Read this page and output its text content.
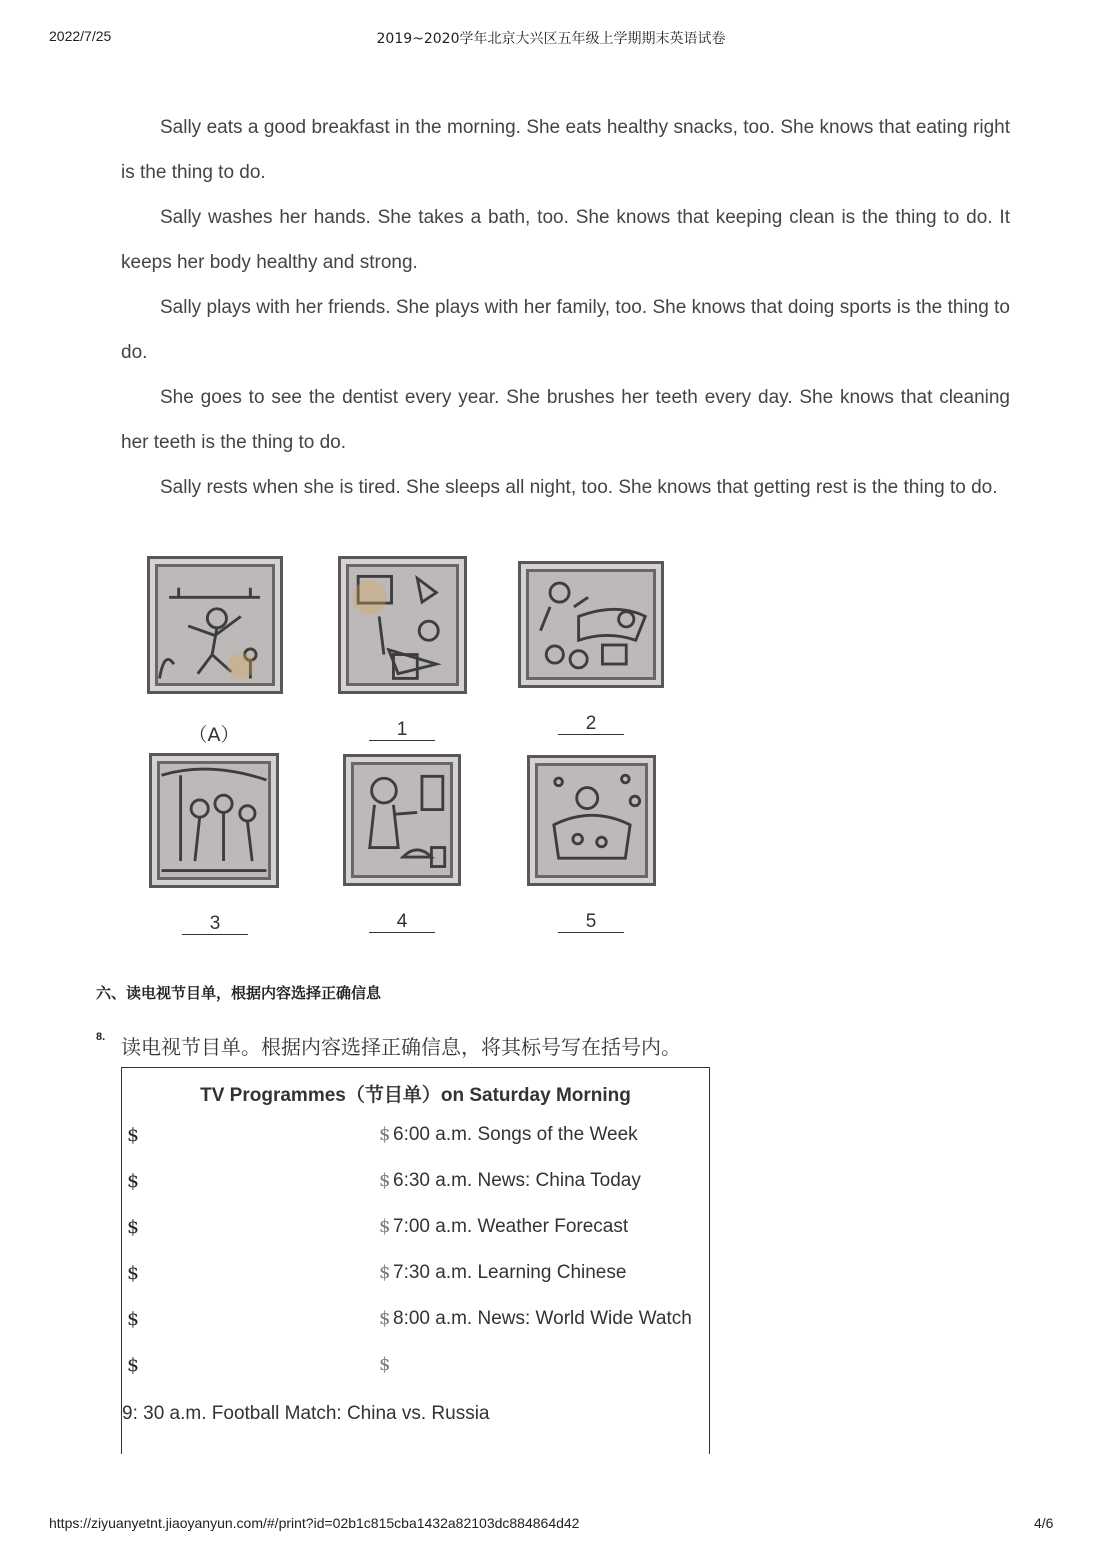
2022/7/25	2019~2020学年北京大兴区五年级上学期期末英语试卷

Sally eats a good breakfast in the morning. She eats healthy snacks, too. She knows that eating right is the thing to do.

Sally washes her hands. She takes a bath, too. She knows that keeping clean is the thing to do. It keeps her body healthy and strong.

Sally plays with her friends. She plays with her family, too. She knows that doing sports is the thing to do.

She goes to see the dentist every year. She brushes her teeth every day. She knows that cleaning her teeth is the thing to do.

Sally rests when she is tired. She sleeps all night, too. She knows that getting rest is the thing to do.

（A）	1	2
3	4	5
六、读电视节目单，根据内容选择正确信息
8. 读电视节目单。根据内容选择正确信息，将其标号写在括号内。
TV Programmes（节目单）on Saturday Morning
$	$ 6:00 a.m. Songs of the Week
$	$ 6:30 a.m. News: China Today
$	$ 7:00 a.m. Weather Forecast
$	$ 7:30 a.m. Learning Chinese
$	$ 8:00 a.m. News: World Wide Watch
$	$
9: 30 a.m. Football Match: China vs. Russia
https://ziyuanyetnt.jiaoyanyun.com/#/print?id=02b1c815cba1432a82103dc884864d42	4/6
